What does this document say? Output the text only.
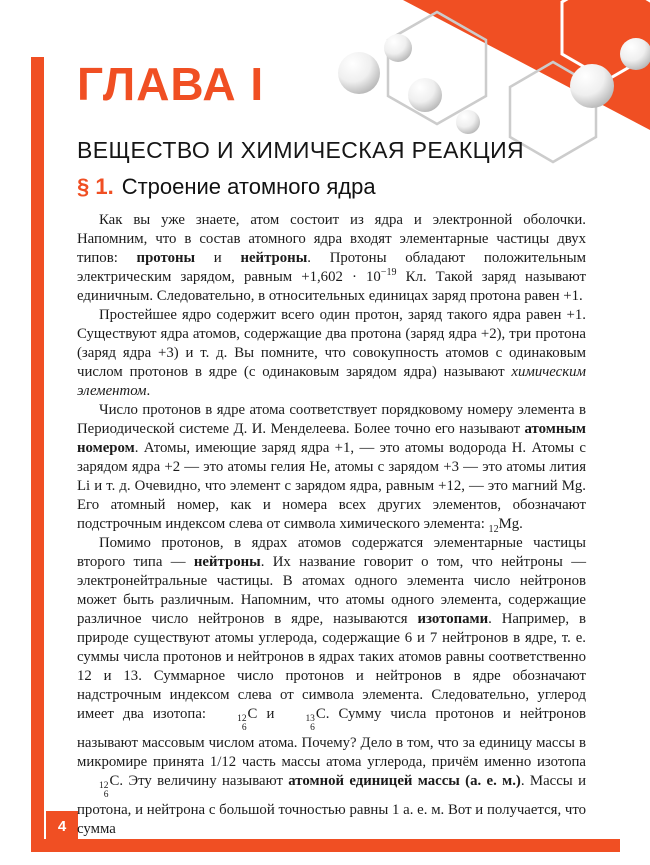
4
ГЛАВА I
ВЕЩЕСТВО И ХИМИЧЕСКАЯ РЕАКЦИЯ
§ 1. Строение атомного ядра

Как вы уже знаете, атом состоит из ядра и электронной оболочки. Напомним, что в состав атомного ядра входят элементарные частицы двух типов: протоны и нейтроны. Протоны обладают положительным электрическим зарядом, равным $+1,602 \cdot 10^{-19}$ Кл. Такой заряд называют единичным. Следовательно, в относительных единицах заряд протона равен +1.

Простейшее ядро содержит всего один протон, заряд такого ядра равен +1. Существуют ядра атомов, содержащие два протона (заряд ядра +2), три протона (заряд ядра +3) и т. д. Вы помните, что совокупность атомов с одинаковым числом протонов в ядре (с одинаковым зарядом ядра) называют химическим элементом.

Число протонов в ядре атома соответствует порядковому номеру элемента в Периодической системе Д. И. Менделеева. Более точно его называют атомным номером. Атомы, имеющие заряд ядра +1, — это атомы водорода H. Атомы с зарядом ядра +2 — это атомы гелия He, атомы с зарядом +3 — это атомы лития Li и т. д. Очевидно, что элемент с зарядом ядра, равным +12, — это магний Mg. Его атомный номер, как и номера всех других элементов, обозначают подстрочным индексом слева от символа химического элемента: $_{12}$Mg.

Помимо протонов, в ядрах атомов содержатся элементарные частицы второго типа — нейтроны. Их название говорит о том, что нейтроны — электронейтральные частицы. В атомах одного элемента число нейтронов может быть различным. Напомним, что атомы одного элемента, содержащие различное число нейтронов в ядре, называются изотопами. Например, в природе существуют атомы углерода, содержащие 6 и 7 нейтронов в ядре, т. е. суммы числа протонов и нейтронов в ядрах таких атомов равны соответственно 12 и 13. Суммарное число протонов и нейтронов в ядре обозначают надстрочным индексом слева от символа элемента. Следовательно, углерод имеет два изотопа:	12
6
C и	13
6
C. Сумму числа протонов и нейтронов называют массовым числом атома. Почему? Дело в том, что за единицу массы в микромире принята 1/12 часть массы атома углерода, причём именно изотопа
12
6
C. Эту величину называют атомной единицей массы (а. е. м.). Массы и протона, и нейтрона с большой точностью равны 1 а. е. м. Вот и получается, что сумма
